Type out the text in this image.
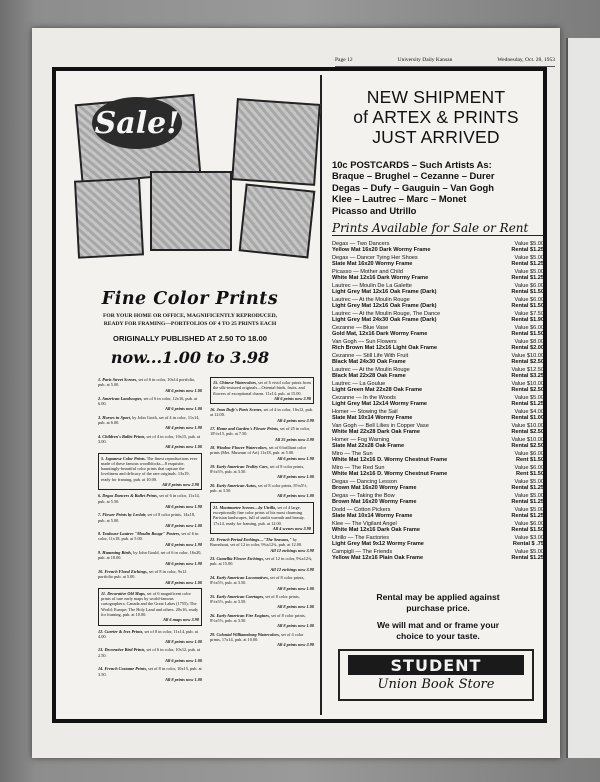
Page 12	University Daily Kansan	Wednesday, Oct. 28, 1953
Sale!
Fine Color Prints
FOR YOUR HOME OR OFFICE, MAGNIFICENTLY REPRODUCED,
READY FOR FRAMING—PORTFOLIOS OF 4 TO 25 PRINTS EACH
ORIGINALLY PUBLISHED AT 2.50 TO 18.00
now...1.00 to 3.98
1. Paris Street Scenes, set of 6 in color, 10x14 portfolio, pub. at 5.00.
All 6 prints now 1.00
2. American Landscapes, set of 6 in color, 12x16, pub. at 6.00.
All 6 prints now 1.00
3. Horses in Sport, by John Groth, set of 4 in color, 11x14, pub. at 6.00.
All 4 prints now 1.98
4. Children's Ballet Prints, set of 4 in color, 10x15, pub. at 3.00.
All 4 prints now 1.00
5. Japanese Color Prints. The finest reproductions ever made of these famous woodblocks—8 exquisite, hauntingly-beautiful color prints that capture the loveliness and delicacy of the rare originals. 13x19, ready for framing, pub. at 10.00.
All 8 prints now 2.98
6. Degas Dancers & Ballet Prints, set of 6 in color, 11x14, pub. at 5.50.
All 6 prints now 1.98
7. Flower Prints by Leclair, set of 8 color prints, 14x18, pub. at 5.00.
All 8 prints now 1.00
8. Toulouse-Lautrec "Moulin Rouge" Posters, set of 6 in color, 11x18, pub. at 5.00.
All 6 prints now 1.98
9. Humming Birds, by John Gould, set of 6 in color, 16x20, pub. at 18.00.
All 6 prints now 1.98
10. French Floral Etchings, set of 8 in color, 9x12 portfolio pub. at 5.00.
All 8 prints now 1.00
11. Decorative Old Maps, set of 6 magnificent color prints of rare early maps by world-famous cartographers; Canada and the Great Lakes (1755); The World; Europe; The Holy Land and others. 20x16, ready for framing, pub. at 10.00.
All 6 maps now 3.98
12. Currier & Ives Prints, set of 8 in color, 11x14, pub. at 4.00.
All 8 prints now 1.00
13. Decorative Bird Prints, set of 6 in color, 10x12, pub. at 2.50.
All 6 prints now 1.00
14. French Costume Prints, set of 8 in color, 10x15, pub. at 3.50.
All 8 prints now 1.00
15. Chinese Watercolors, set of 6 vivid color prints from the silk-textured originals—Oriental birds, fruits, and flowers of exceptional charm. 11x14, pub. at 15.00.
All 6 prints now 2.98
16. Jean Dufy's Paris Scenes, set of 4 in color, 16x12, pub. at 12.00.
All 4 prints now 2.98
17. Home and Garden's Flower Prints, set of 25 in color, 10½x15, pub. at 7.50.
All 25 prints now 2.98
18. Window Flower Watercolors, set of 6 brilliant color prints (Met. Museum of Art) 11x18, pub. at 5.00.
All 6 prints now 1.98
19. Early American Trolley Cars, set of 8 color prints, 8½x5½, pub. at 3.50.
All 8 prints now 1.00
20. Early American Autos, set of 8 color prints, 8½x5½, pub. at 3.50.
All 8 prints now 1.00
21. Montmartre Scenes—by Utrillo, set of 4 large, exceptionally fine color prints of his most charming Parisian landscapes, full of sunlit warmth and beauty. 17x14, ready for framing, pub. at 12.00.
All 4 scenes now 2.98
22. French Period Etchings—"The Seasons," by Baronhout, set of 12 in color, 9¾x12¾, pub. at 12.00.
All 12 etchings now 3.98
23. Camellia Flower Etchings, set of 12 in color, 9¾x12¾, pub. at 15.00.
All 12 etchings now 3.98
24. Early American Locomotives, set of 8 color prints, 8½x5½, pub. at 3.50.
All 8 prints now 1.00
25. Early American Carriages, set of 8 color prints, 8½x5½, pub. at 3.50.
All 8 prints now 1.00
26. Early American Fire Engines, set of 8 color prints, 8½x5½, pub. at 3.50.
All 8 prints now 1.00
29. Colonial Williamsburg Watercolors, set of 4 color prints, 17x14, pub. at 10.00.
All 4 prints now 2.98
NEW SHIPMENT
of ARTEX & PRINTS
JUST ARRIVED
10c POSTCARDS – Such Artists As:
Braque – Brughel – Cezanne – Durer
Degas – Dufy – Gauguin – Van Gogh
Klee – Lautrec – Marc – Monet
Picasso and Utrillo
Prints Available for Sale or Rent
Degas — Two Dancers	Value $5.00
Yellow Mat 16x20 Dark Wormy Frame	Rental $1.25
Degas — Dancer Tying Her Shoes	Value $5.00
Slate Mat 16x20 Wormy Frame	Rental $1.25
Picasso — Mother and Child	Value $5.00
White Mat 12x16 Dark Wormy Frame	Rental $1.25
Lautrec — Moulin De La Galette	Value $6.00
Light Grey Mat 12x16 Oak Frame (Dark)	Rental $1.50
Lautrec — At the Moulin Rouge	Value $6.00
Light Grey Mat 12x16 Oak Frame (Dark)	Rental $1.50
Lautrec — At the Moulin Rouge, The Dance	Value $7.50
Light Grey Mat 24x30 Oak Frame (Dark)	Rental $1.90
Cezanne — Blue Vase	Value $6.00
Gold Mat, 12x16 Dark Wormy Frame	Rental $1.50
Van Gogh — Sun Flowers	Value $8.00
Rich Brown Mat 12x16 Light Oak Frame	Rental $2.00
Cezanne — Still Life With Fruit	Value $10.00
Black Mat 24x30 Oak Frame	Rental $2.50
Lautrec — At the Moulin Rouge	Value $12.50
Black Mat 22x28 Oak Frame	Rental $3.25
Lautrec — La Goulue	Value $10.00
Light Green Mat 22x28 Oak Frame	Rental $2.50
Cezanne — In the Woods	Value $5.00
Light Grey Mat 12x14 Wormy Frame	Rental $1.25
Homer — Stowing the Sail	Value $4.00
Slate Mat 10x14 Wormy Frame	Rental $1.00
Van Gogh — Bell Lilies in Copper Vase	Value $10.00
White Mat 22x28 Dark Oak Frame	Rental $2.50
Homer — Fog Warning	Value $10.00
Slate Mat 22x28 Oak Frame	Rental $2.50
Miro — The Sun	Value $6.00
White Mat 12x16 D. Wormy Chestnut Frame	Rent $1.50
Miro — The Red Sun	Value $6.00
White Mat 12x16 D. Wormy Chestnut Frame	Rent $1.50
Degas — Dancing Lesson	Value $5.00
Brown Mat 16x20 Wormy Frame	Rental $1.25
Degas — Taking the Bow	Value $5.00
Brown Mat 16x20 Wormy Frame	Rental $1.25
Dodd — Cotton Pickers	Value $5.00
Slate Mat 10x14 Wormy Frame	Rental $1.25
Klee — The Vigilant Angel	Value $6.00
White Mat 12x16 Dark Oak Frame	Rental $1.50
Utrillo — The Factories	Value $3.00
Light Grey Mat 9x12 Wormy Frame	Rental $ .75
Campigli — The Friends	Value $5.00
Yellow Mat 12x16 Plain Oak Frame	Rental $1.25
Rental may be applied against
purchase price.
We will mat and or frame your
choice to your taste.
STUDENT
Union Book Store
